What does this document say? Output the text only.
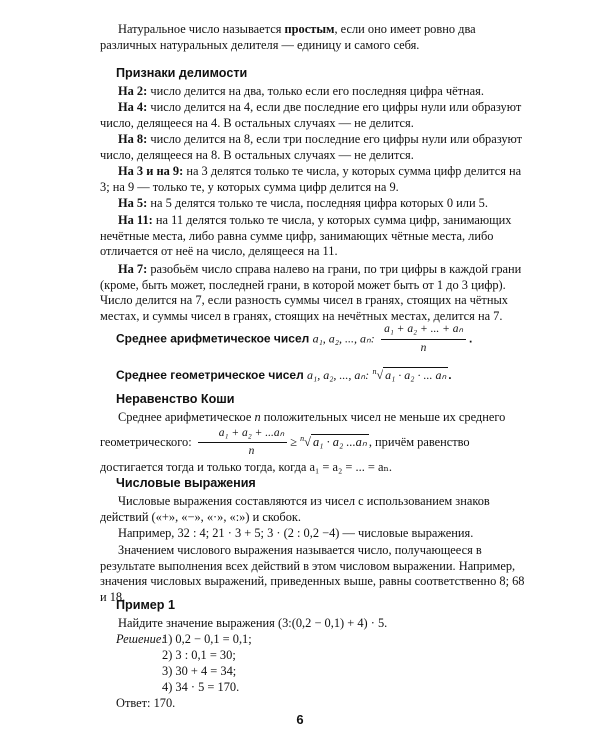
Натуральное число называется простым, если оно имеет ровно два различных натуральных делителя — единицу и самого себя.
Признаки делимости
На 2: число делится на два, только если его последняя цифра чётная.
На 4: число делится на 4, если две последние его цифры нули или образуют число, делящееся на 4. В остальных случаях — не делится.
На 8: число делится на 8, если три последние его цифры нули или образуют число, делящееся на 8. В остальных случаях — не делится.
На 3 и на 9: на 3 делятся только те числа, у которых сумма цифр делится на 3; на 9 — только те, у которых сумма цифр делится на 9.
На 5: на 5 делятся только те числа, последняя цифра которых 0 или 5.
На 11: на 11 делятся только те числа, у которых сумма цифр, занимающих нечётные места, либо равна сумме цифр, занимающих чётные места, либо отличается от неё на число, делящееся на 11.
На 7: разобьём число справа налево на грани, по три цифры в каждой грани (кроме, быть может, последней грани, в которой может быть от 1 до 3 цифр). Число делится на 7, если разность суммы чисел в гранях, стоящих на чётных местах, и суммы чисел в гранях, стоящих на нечётных местах, делится на 7.
Среднее арифметическое чисел a₁, a₂, ..., aₙ: $\frac{\text{a₁ + a₂ + ... + aₙ}}{n}$ .
Среднее геометрическое чисел a₁, a₂, ..., aₙ: $^n$√ a₁ · a₂ · ... aₙ .
Неравенство Коши
Среднее арифметическое n положительных чисел не меньше их среднего геометрического: $\frac{\text{a₁ + a₂ + ...aₙ}}{n} \ge ^n√$ a₁ · a₂ ...aₙ , причём равенство достигается тогда и только тогда, когда a₁ = a₂ = ... = aₙ.
Числовые выражения
Числовые выражения составляются из чисел с использованием знаков действий («+», «−», «·», «:») и скобок.
Например, 32 : 4; 21 · 3 + 5; 3 · (2 : 0,2 −4) — числовые выражения.
Значением числового выражения называется число, получающееся в результате выполнения всех действий в этом числовом выражении. Например, значения числовых выражений, приведенных выше, равны соответственно 8; 68 и 18.
Пример 1
Найдите значение выражения (3:(0,2 − 0,1) + 4) · 5.
Решение:
1) 0,2 − 0,1 = 0,1;
2) 3 : 0,1 = 30;
3) 30 + 4 = 34;
4) 34 · 5 = 170.
Ответ: 170.
6
